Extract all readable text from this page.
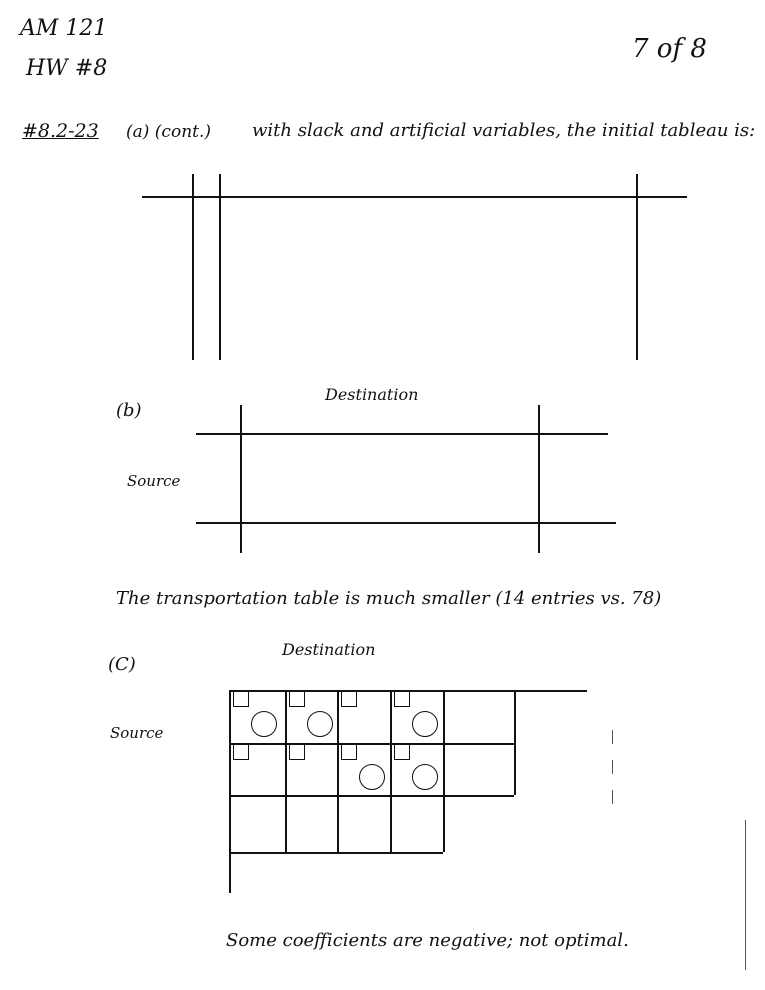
AM 121
HW #8
7 of 8
#8.2-23 (a) (cont.) with slack and artificial variables, the initial tableau is:
(b)
Destination
Source
The transportation table is much smaller (14 entries vs. 78)
(C)
Destination
Source
Some coefficients are negative; not optimal.
